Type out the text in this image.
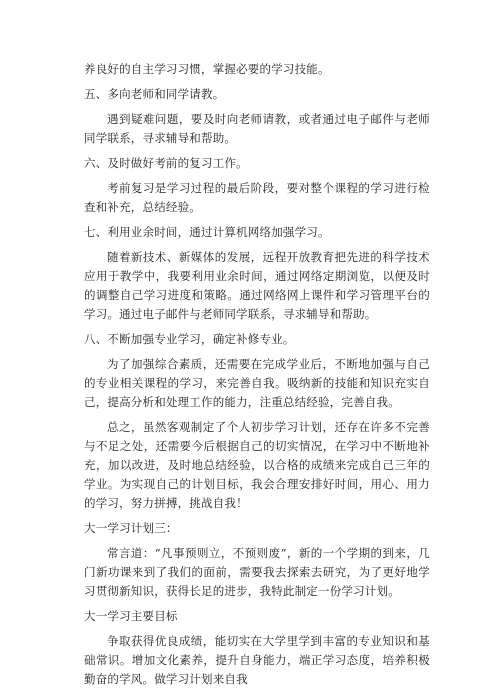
养良好的自主学习习惯，掌握必要的学习技能。

五、多向老师和同学请教。

遇到疑难问题，要及时向老师请教，或者通过电子邮件与老师同学联系，寻求辅导和帮助。

六、及时做好考前的复习工作。

考前复习是学习过程的最后阶段，要对整个课程的学习进行检查和补充，总结经验。

七、利用业余时间，通过计算机网络加强学习。

随着新技术、新媒体的发展，远程开放教育把先进的科学技术应用于教学中，我要利用业余时间，通过网络定期浏览，以便及时的调整自己学习进度和策略。通过网络网上课件和学习管理平台的学习。通过电子邮件与老师同学联系，寻求辅导和帮助。

八、不断加强专业学习，确定补修专业。

为了加强综合素质，还需要在完成学业后，不断地加强与自己的专业相关课程的学习，来完善自我。吸纳新的技能和知识充实自己，提高分析和处理工作的能力，注重总结经验，完善自我。

总之，虽然客观制定了个人初步学习计划，还存在许多不完善与不足之处，还需要今后根据自己的切实情况，在学习中不断地补充，加以改进，及时地总结经验，以合格的成绩来完成自己三年的学业。为实现自己的计划目标，我会合理安排好时间，用心、用力的学习，努力拼搏，挑战自我！

大一学习计划三：

常言道：“凡事预则立，不预则废”，新的一个学期的到来，几门新功课来到了我们的面前，需要我去探索去研究，为了更好地学习贯彻新知识，获得长足的进步，我特此制定一份学习计划。

大一学习主要目标

争取获得优良成绩，能切实在大学里学到丰富的专业知识和基础常识。增加文化素养，提升自身能力，端正学习态度，培养积极勤奋的学风。做学习计划来自我
